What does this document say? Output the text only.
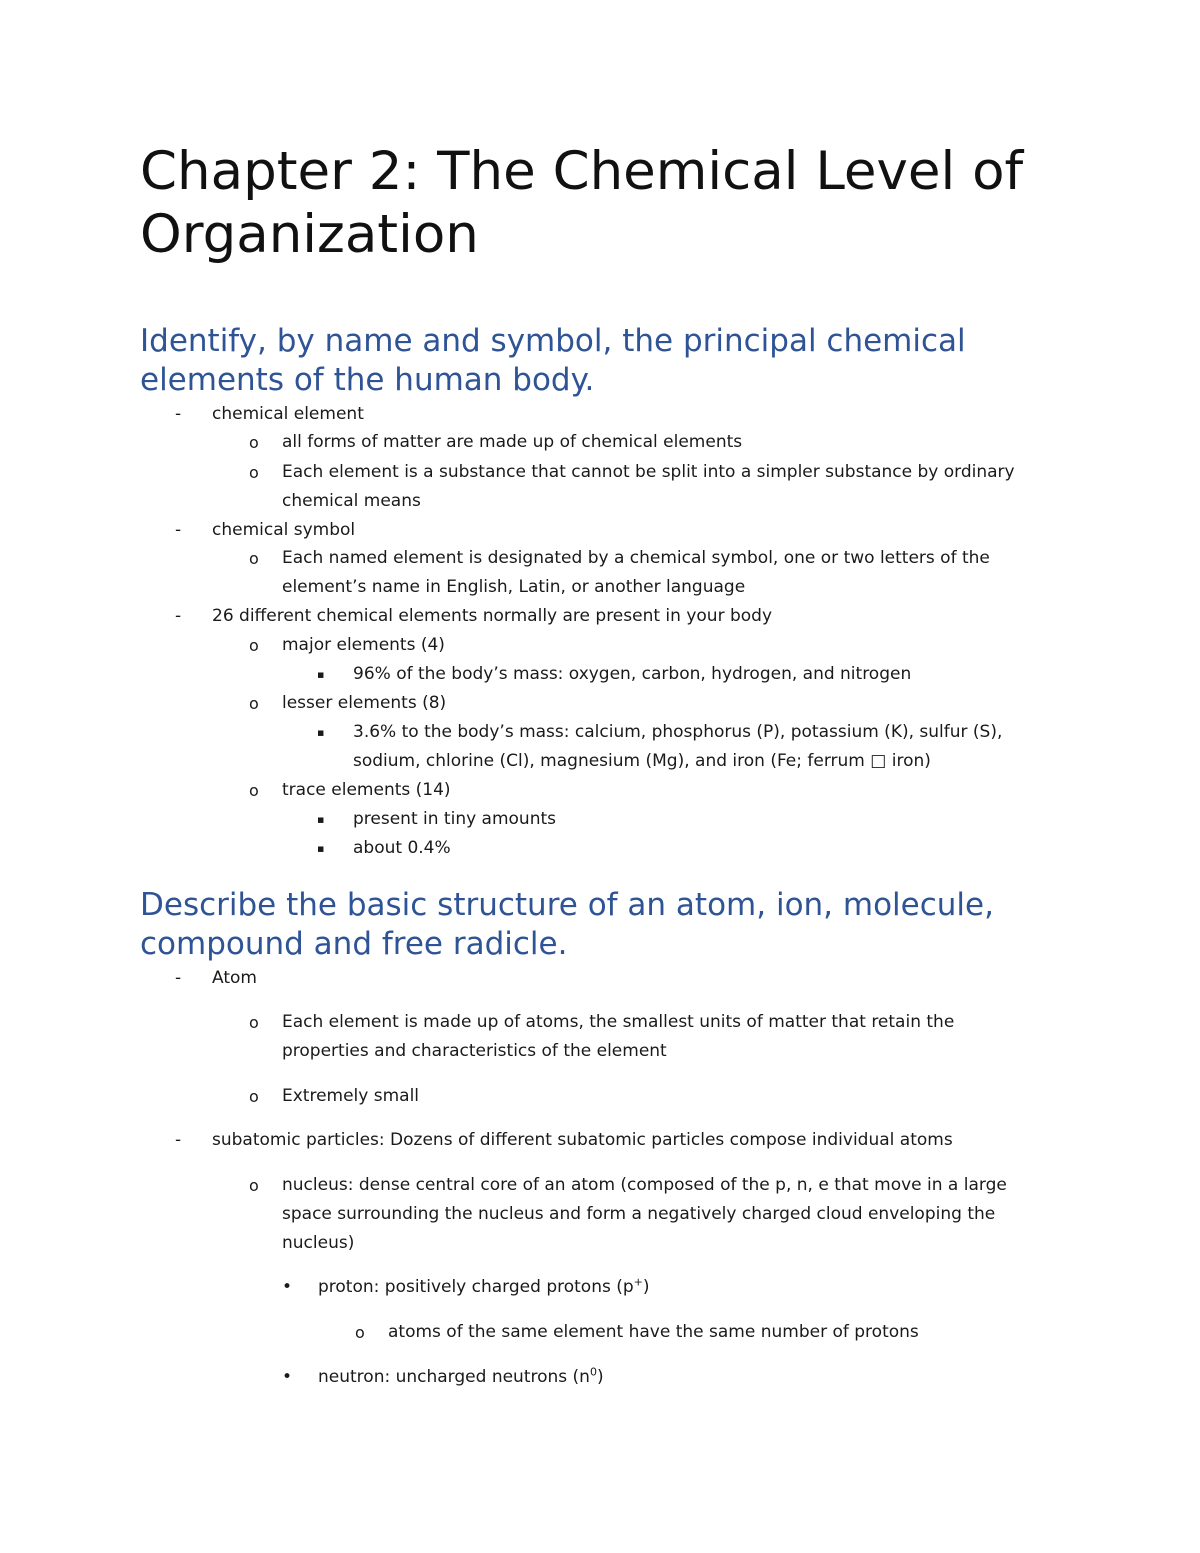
Chapter 2: The Chemical Level of Organization
Identify, by name and symbol, the principal chemical elements of the human body.
-	chemical element
o	all forms of matter are made up of chemical elements
o	Each element is a substance that cannot be split into a simpler substance by ordinary chemical means
-	chemical symbol
o	Each named element is designated by a chemical symbol, one or two letters of the element’s name in English, Latin, or another language
-	26 different chemical elements normally are present in your body
o	major elements (4)
▪	96% of the body’s mass: oxygen, carbon, hydrogen, and nitrogen
o	lesser elements (8)
▪	3.6% to the body’s mass: calcium, phosphorus (P), potassium (K), sulfur (S), sodium, chlorine (Cl), magnesium (Mg), and iron (Fe; ferrum □ iron)
o	trace elements (14)
▪	present in tiny amounts
▪	about 0.4%
Describe the basic structure of an atom, ion, molecule, compound and free radicle.
-	Atom
o	Each element is made up of atoms, the smallest units of matter that retain the properties and characteristics of the element
o	Extremely small
-	subatomic particles: Dozens of different subatomic particles compose individual atoms
o	nucleus: dense central core of an atom (composed of the p, n, e that move in a large space surrounding the nucleus and form a negatively charged cloud enveloping the nucleus)
•	proton: positively charged protons (p+)
o	atoms of the same element have the same number of protons
•	neutron: uncharged neutrons $(n^0)$
